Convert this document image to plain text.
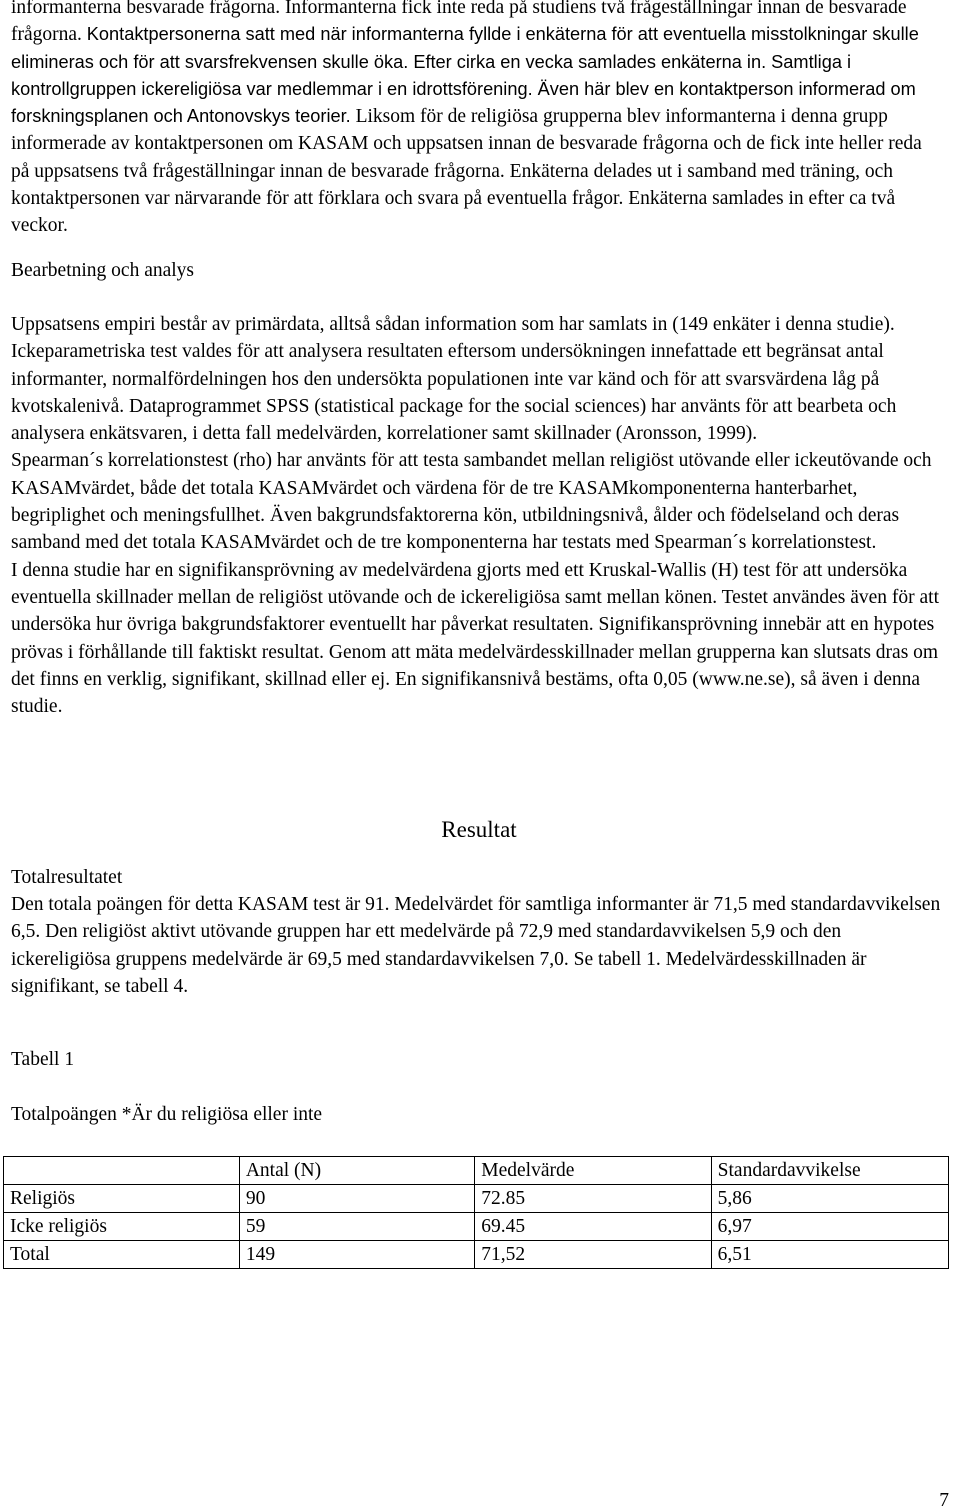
informanterna besvarade frågorna. Informanterna fick inte reda på studiens två frågeställningar innan de besvarade frågorna. Kontaktpersonerna satt med när informanterna fyllde i enkäterna för att eventuella misstolkningar skulle elimineras och för att svarsfrekvensen skulle öka. Efter cirka en vecka samlades enkäterna in. Samtliga i kontrollgruppen ickereligiösa var medlemmar i en idrottsförening. Även här blev en kontaktperson informerad om forskningsplanen och Antonovskys teorier. Liksom för de religiösa grupperna blev informanterna i denna grupp informerade av kontaktpersonen om KASAM och uppsatsen innan de besvarade frågorna och de fick inte heller reda på uppsatsens två frågeställningar innan de besvarade frågorna. Enkäterna delades ut i samband med träning, och kontaktpersonen var närvarande för att förklara och svara på eventuella frågor. Enkäterna samlades in efter ca två veckor.

Bearbetning och analys

Uppsatsens empiri består av primärdata, alltså sådan information som har samlats in (149 enkäter i denna studie). Ickeparametriska test valdes för att analysera resultaten eftersom undersökningen innefattade ett begränsat antal informanter, normalfördelningen hos den undersökta populationen inte var känd och för att svarsvärdena låg på kvotskalenivå. Dataprogrammet SPSS (statistical package for the social sciences) har använts för att bearbeta och analysera enkätsvaren, i detta fall medelvärden, korrelationer samt skillnader (Aronsson, 1999).

Spearman´s korrelationstest (rho) har använts för att testa sambandet mellan religiöst utövande eller ickeutövande och KASAMvärdet, både det totala KASAMvärdet och värdena för de tre KASAMkomponenterna hanterbarhet, begriplighet och meningsfullhet. Även bakgrundsfaktorerna kön, utbildningsnivå, ålder och födelseland och deras samband med det totala KASAMvärdet och de tre komponenterna har testats med Spearman´s korrelationstest.

I denna studie har en signifikansprövning av medelvärdena gjorts med ett Kruskal-Wallis (H) test för att undersöka eventuella skillnader mellan de religiöst utövande och de ickereligiösa samt mellan könen. Testet användes även för att undersöka hur övriga bakgrundsfaktorer eventuellt har påverkat resultaten. Signifikansprövning innebär att en hypotes prövas i förhållande till faktiskt resultat. Genom att mäta medelvärdesskillnader mellan grupperna kan slutsats dras om det finns en verklig, signifikant, skillnad eller ej. En signifikansnivå bestäms, ofta 0,05 (www.ne.se), så även i denna studie.

Resultat

Totalresultatet

Den totala poängen för detta KASAM test är 91. Medelvärdet för samtliga informanter är 71,5 med standardavvikelsen 6,5. Den religiöst aktivt utövande gruppen har ett medelvärde på 72,9 med standardavvikelsen 5,9 och den ickereligiösa gruppens medelvärde är 69,5 med standardavvikelsen 7,0. Se tabell 1. Medelvärdesskillnaden är signifikant, se tabell 4.

Tabell 1

Totalpoängen *Är du religiösa eller inte

	Antal (N)	Medelvärde	Standardavvikelse
Religiös	90	72.85	5,86
Icke religiös	59	69.45	6,97
Total	149	71,52	6,51
7
